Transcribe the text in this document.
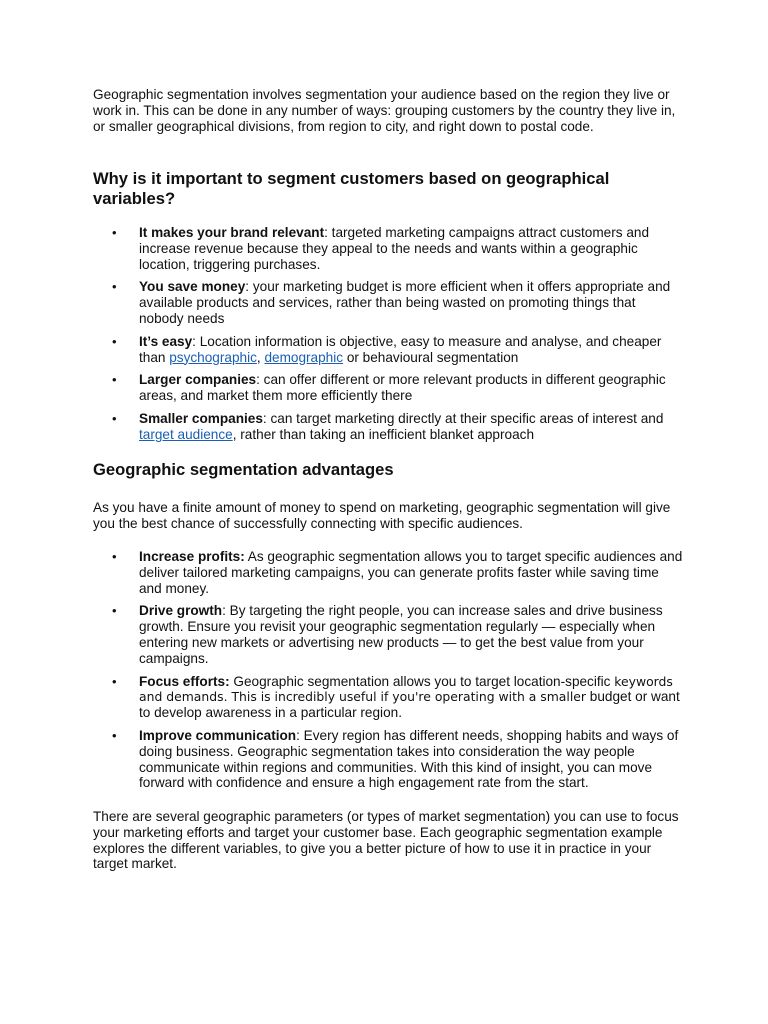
Geographic segmentation involves segmentation your audience based on the region they live or work in. This can be done in any number of ways: grouping customers by the country they live in, or smaller geographical divisions, from region to city, and right down to postal code.

Why is it important to segment customers based on geographical variables?
• It makes your brand relevant: targeted marketing campaigns attract customers and increase revenue because they appeal to the needs and wants within a geographic location, triggering purchases.
• You save money: your marketing budget is more efficient when it offers appropriate and available products and services, rather than being wasted on promoting things that nobody needs
• It’s easy: Location information is objective, easy to measure and analyse, and cheaper than psychographic, demographic or behavioural segmentation
• Larger companies: can offer different or more relevant products in different geographic areas, and market them more efficiently there
• Smaller companies: can target marketing directly at their specific areas of interest and target audience, rather than taking an inefficient blanket approach
Geographic segmentation advantages

As you have a finite amount of money to spend on marketing, geographic segmentation will give you the best chance of successfully connecting with specific audiences.

• Increase profits: As geographic segmentation allows you to target specific audiences and deliver tailored marketing campaigns, you can generate profits faster while saving time and money.
• Drive growth: By targeting the right people, you can increase sales and drive business growth. Ensure you revisit your geographic segmentation regularly — especially when entering new markets or advertising new products — to get the best value from your campaigns.
• Focus efforts: Geographic segmentation allows you to target location-specific keywords and demands. This is incredibly useful if you're operating with a smaller budget or want to develop awareness in a particular region.
• Improve communication: Every region has different needs, shopping habits and ways of doing business. Geographic segmentation takes into consideration the way people communicate within regions and communities. With this kind of insight, you can move forward with confidence and ensure a high engagement rate from the start.

There are several geographic parameters (or types of market segmentation) you can use to focus your marketing efforts and target your customer base. Each geographic segmentation example explores the different variables, to give you a better picture of how to use it in practice in your target market.
